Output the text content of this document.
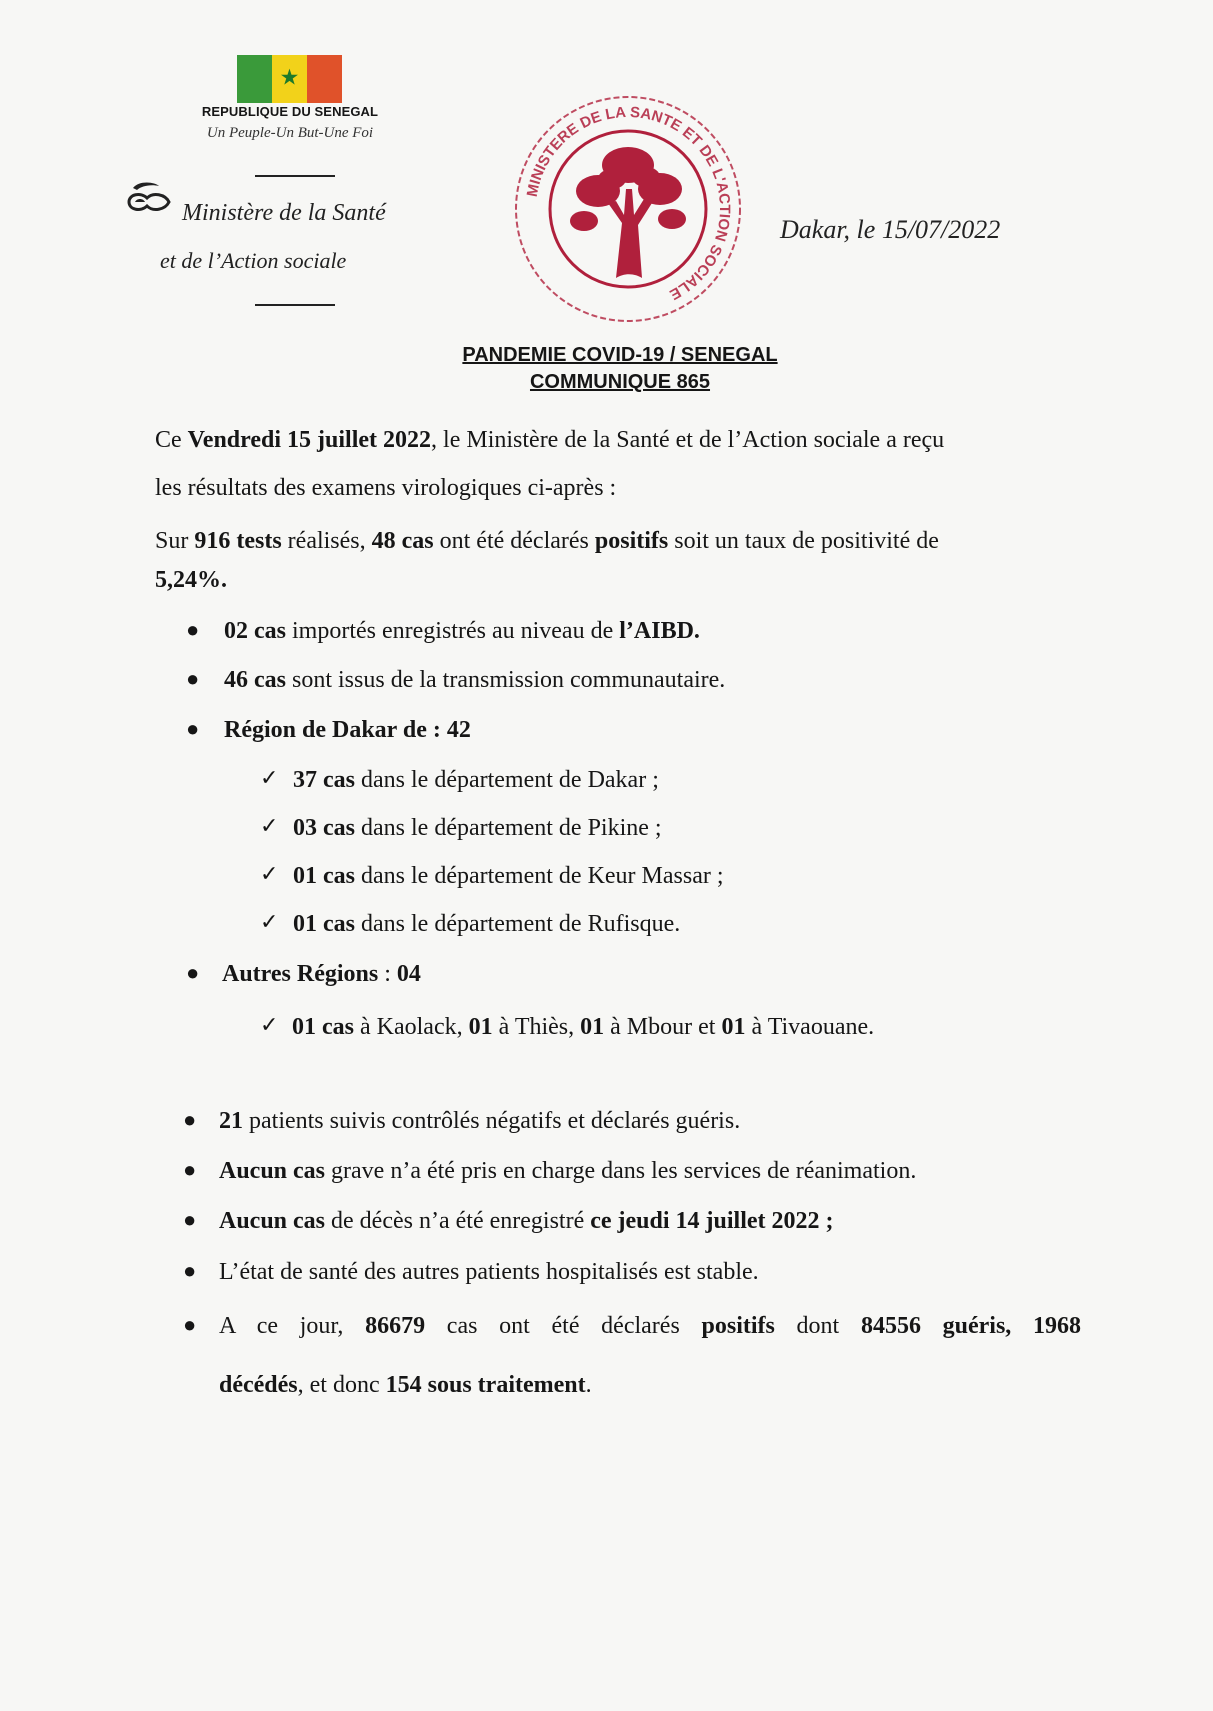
★
REPUBLIQUE DU SENEGAL
Un Peuple-Un But-Une Foi
Ministère de la Santé
et de l’Action sociale
MINISTERE DE LA SANTE ET DE L'ACTION SOCIALE
Dakar, le 15/07/2022
PANDEMIE COVID-19 / SENEGAL
COMMUNIQUE 865
Ce Vendredi 15 juillet 2022, le Ministère de la Santé et de l’Action sociale a reçu
les résultats des examens virologiques ci-après :
Sur 916 tests réalisés, 48 cas ont été déclarés positifs soit un taux de positivité de
5,24%.
● 02 cas importés enregistrés au niveau de l’AIBD.
● 46 cas sont issus de la transmission communautaire.
● Région de Dakar de : 42
✓ 37 cas dans le département de Dakar ;
✓ 03 cas dans le département de Pikine ;
✓ 01 cas dans le département de Keur Massar ;
✓ 01 cas dans le département de Rufisque.
● Autres Régions : 04
✓ 01 cas à Kaolack, 01 à Thiès, 01 à Mbour et 01 à Tivaouane.
● 21 patients suivis contrôlés négatifs et déclarés guéris.
● Aucun cas grave n’a été pris en charge dans les services de réanimation.
● Aucun cas de décès n’a été enregistré ce jeudi 14 juillet 2022 ;
● L’état de santé des autres patients hospitalisés est stable.
● A ce jour, 86679 cas ont été déclarés positifs dont 84556 guéris, 1968
décédés, et donc 154 sous traitement.
